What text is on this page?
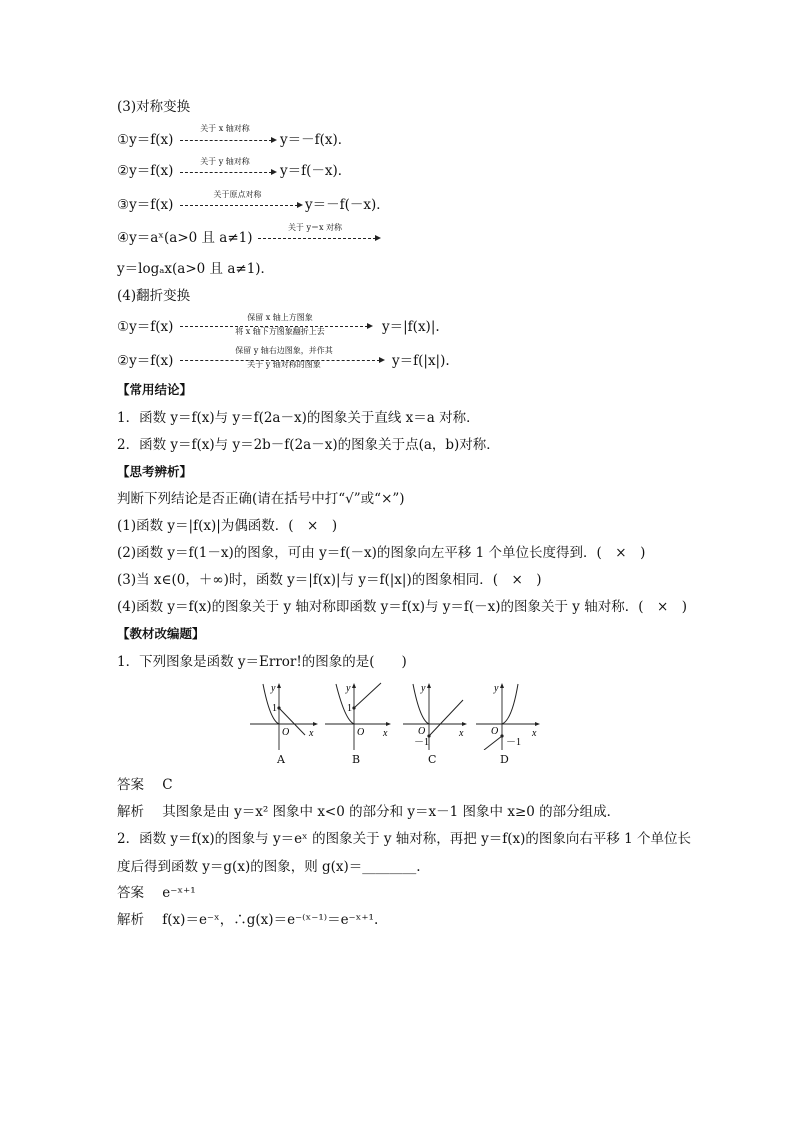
(3)对称变换
①y＝f(x)
关于 x 轴对称
y＝－f(x)．
②y＝f(x)
关于 y 轴对称
y＝f(－x)．
③y＝f(x)
关于原点对称
y＝－f(－x)．
④y＝aˣ(a>0 且 a≠1)
关于 y＝x 对称
y＝logₐx(a>0 且 a≠1)．
(4)翻折变换
①y＝f(x)
保留 x 轴上方图象
将 x 轴下方图象翻折上去	y＝|f(x)|.
②y＝f(x)
保留 y 轴右边图象，并作其
关于 y 轴对称的图象	y＝f(|x|).
【常用结论】
1．函数 y＝f(x)与 y＝f(2a－x)的图象关于直线 x＝a 对称．
2．函数 y＝f(x)与 y＝2b－f(2a－x)的图象关于点(a，b)对称．
【思考辨析】
判断下列结论是否正确(请在括号中打“√”或“×”)
(1)函数 y＝|f(x)|为偶函数．(　×　)
(2)函数 y＝f(1－x)的图象，可由 y＝f(－x)的图象向左平移 1 个单位长度得到．(　×　)
(3)当 x∈(0，＋∞)时，函数 y＝|f(x)|与 y＝f(|x|)的图象相同．(　×　)
(4)函数 y＝f(x)的图象关于 y 轴对称即函数 y＝f(x)与 y＝f(－x)的图象关于 y 轴对称．(　×　)
【教材改编题】
1．下列图象是函数 y＝Error!的图象的是(　　)
y
x
O
1
A
y
x
O
1
B
y
x
O
－1
C
y
x
O
－1
D
答案 C
解析 其图象是由 y＝x² 图象中 x<0 的部分和 y＝x－1 图象中 x≥0 的部分组成．
2．函数 y＝f(x)的图象与 y＝eˣ 的图象关于 y 轴对称，再把 y＝f(x)的图象向右平移 1 个单位长
度后得到函数 y＝g(x)的图象，则 g(x)＝________.
答案 e⁻ˣ⁺¹
解析 f(x)＝e⁻ˣ，∴g(x)＝e⁻⁽ˣ⁻¹⁾＝e⁻ˣ⁺¹.
